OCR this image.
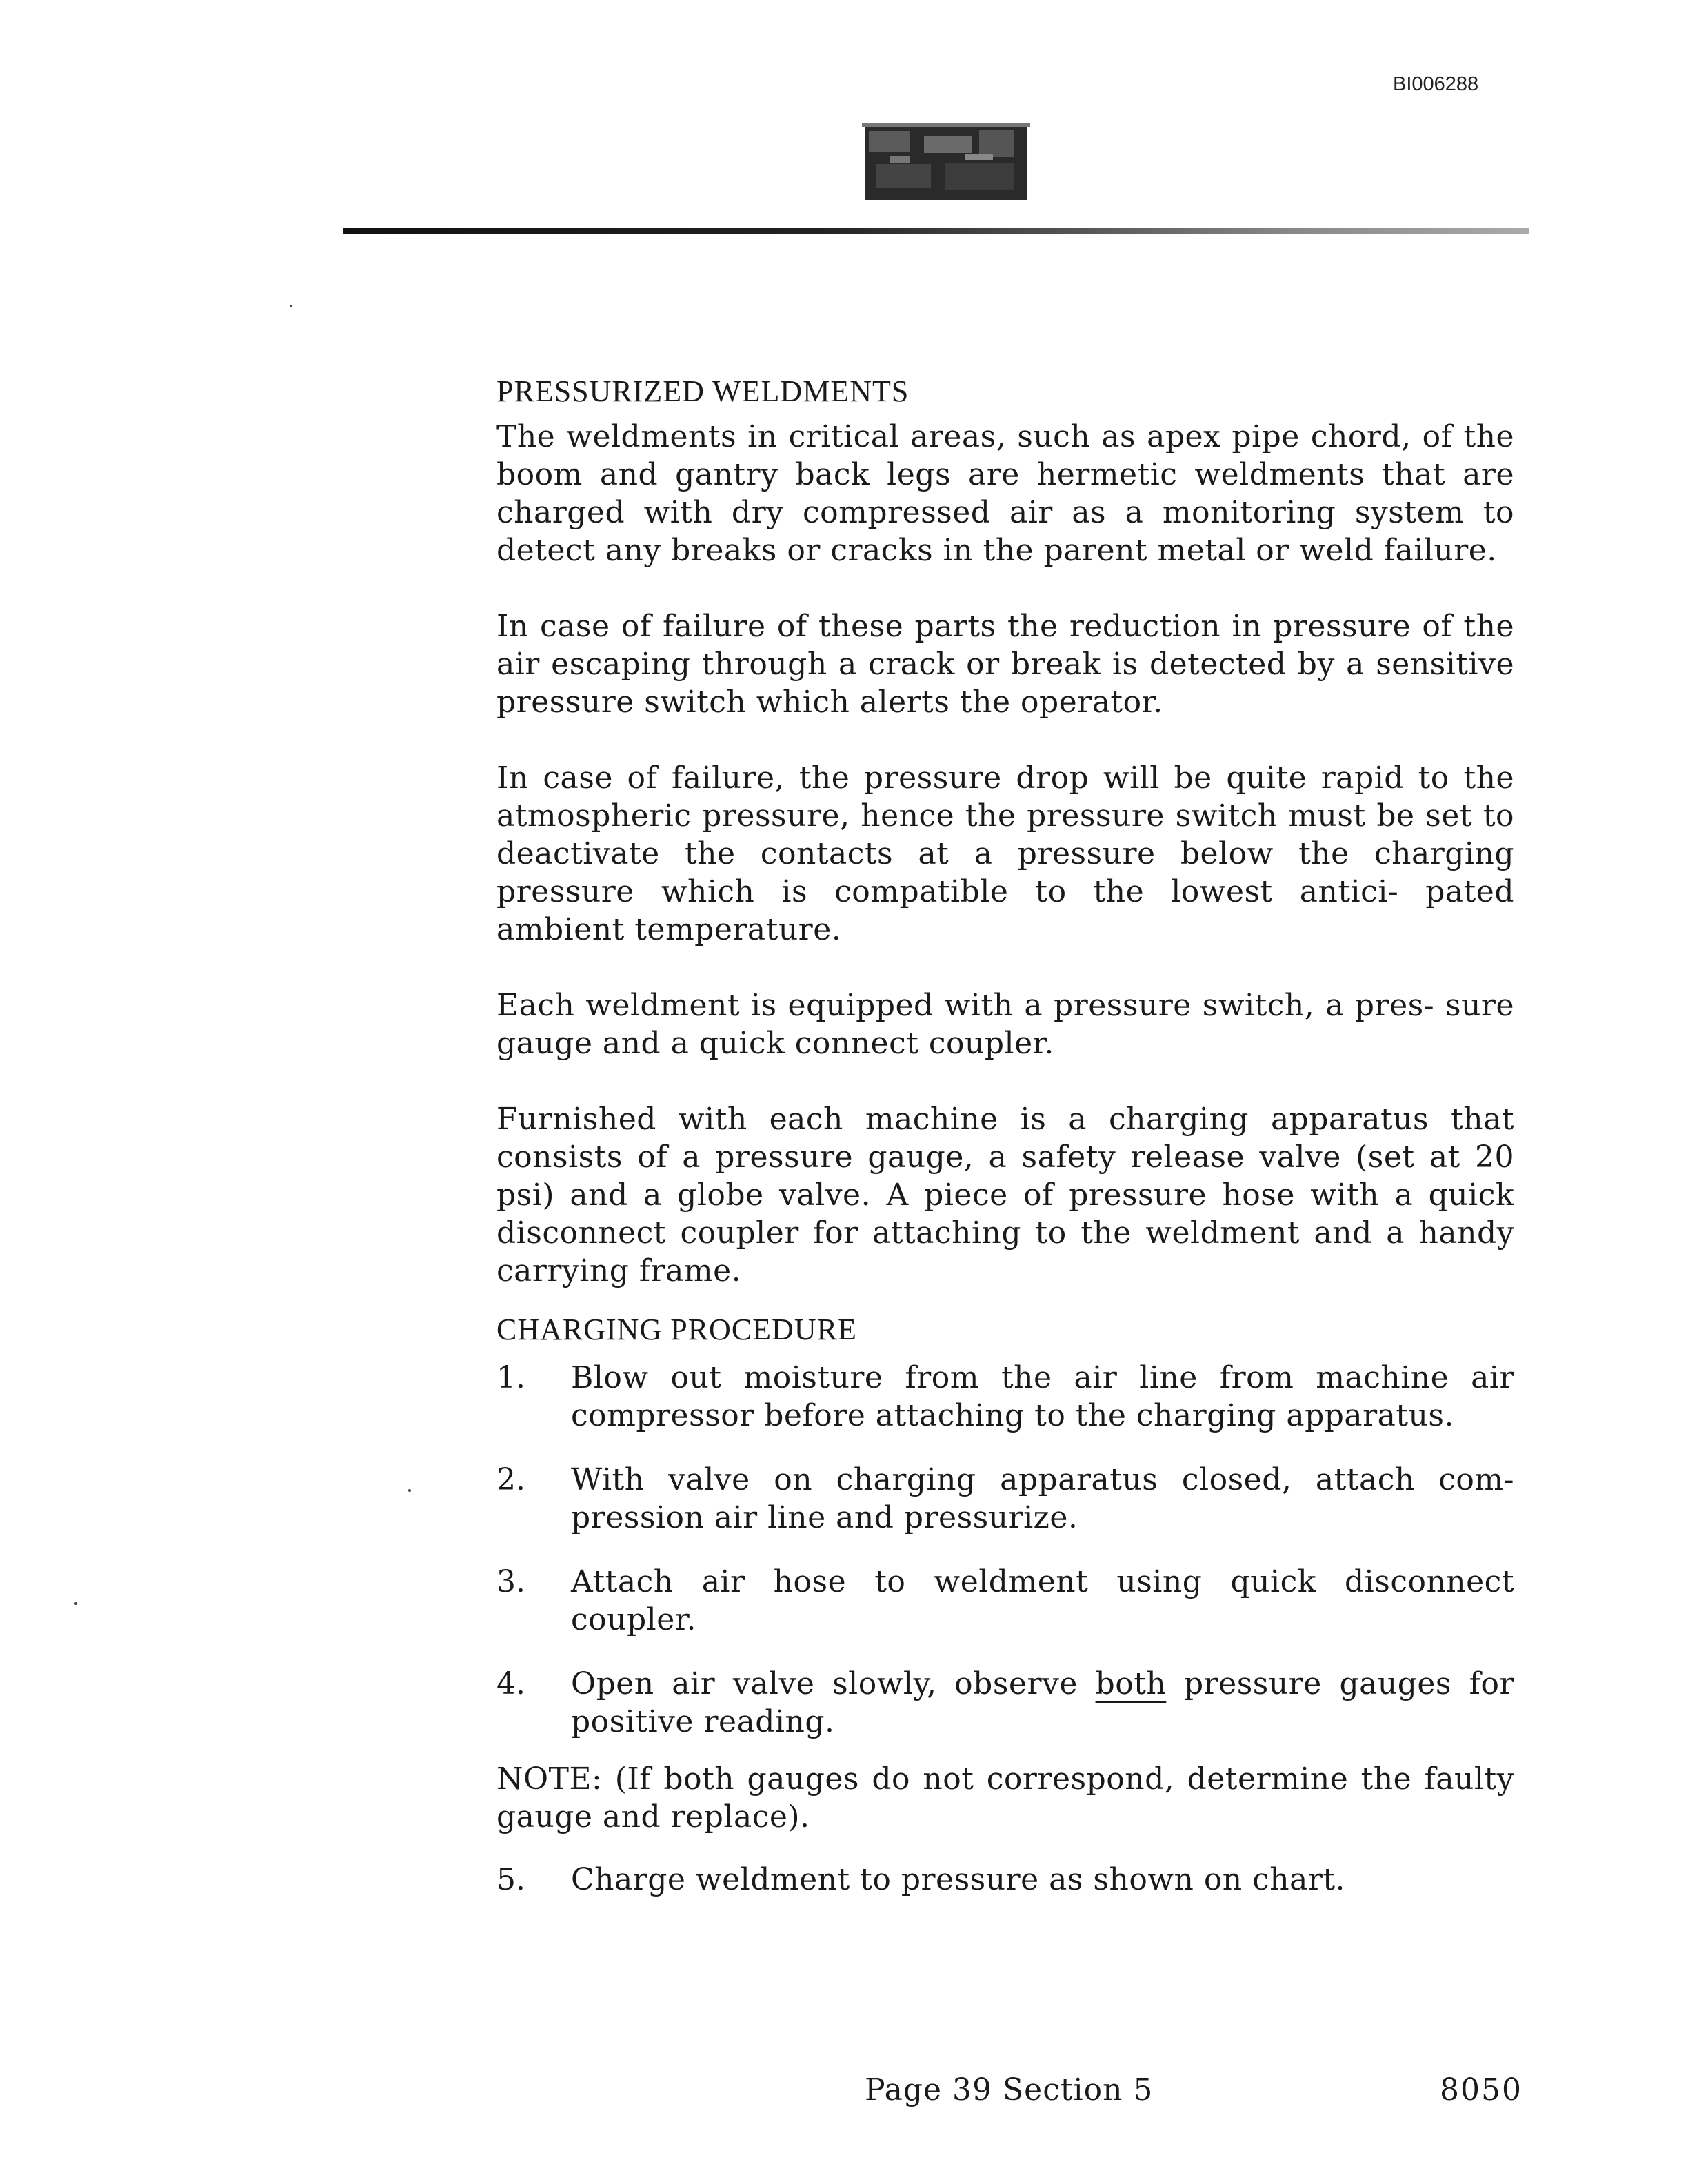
BI006288
PRESSURIZED WELDMENTS

The weldments in critical areas, such as apex pipe chord, of the boom and gantry back legs are hermetic weldments that are charged with dry compressed air as a monitoring system to detect any breaks or cracks in the parent metal or weld failure.

In case of failure of these parts the reduction in pressure of the air escaping through a crack or break is detected by a sensitive pressure switch which alerts the operator.

In case of failure, the pressure drop will be quite rapid to the atmospheric pressure, hence the pressure switch must be set to deactivate the contacts at a pressure below the charging pressure which is compatible to the lowest antici- pated ambient temperature.

Each weldment is equipped with a pressure switch, a pres- sure gauge and a quick connect coupler.

Furnished with each machine is a charging apparatus that consists of a pressure gauge, a safety release valve (set at 20 psi) and a globe valve. A piece of pressure hose with a quick disconnect coupler for attaching to the weldment and a handy carrying frame.

CHARGING PROCEDURE
1.	Blow out moisture from the air line from machine air compressor before attaching to the charging apparatus.
2.	With valve on charging apparatus closed, attach com- pression air line and pressurize.
3.	Attach air hose to weldment using quick disconnect coupler.
4.	Open air valve slowly, observe both pressure gauges for positive reading.

NOTE: (If both gauges do not correspond, determine the faulty gauge and replace).

5.	Charge weldment to pressure as shown on chart.
Page 39 Section 5	8050
